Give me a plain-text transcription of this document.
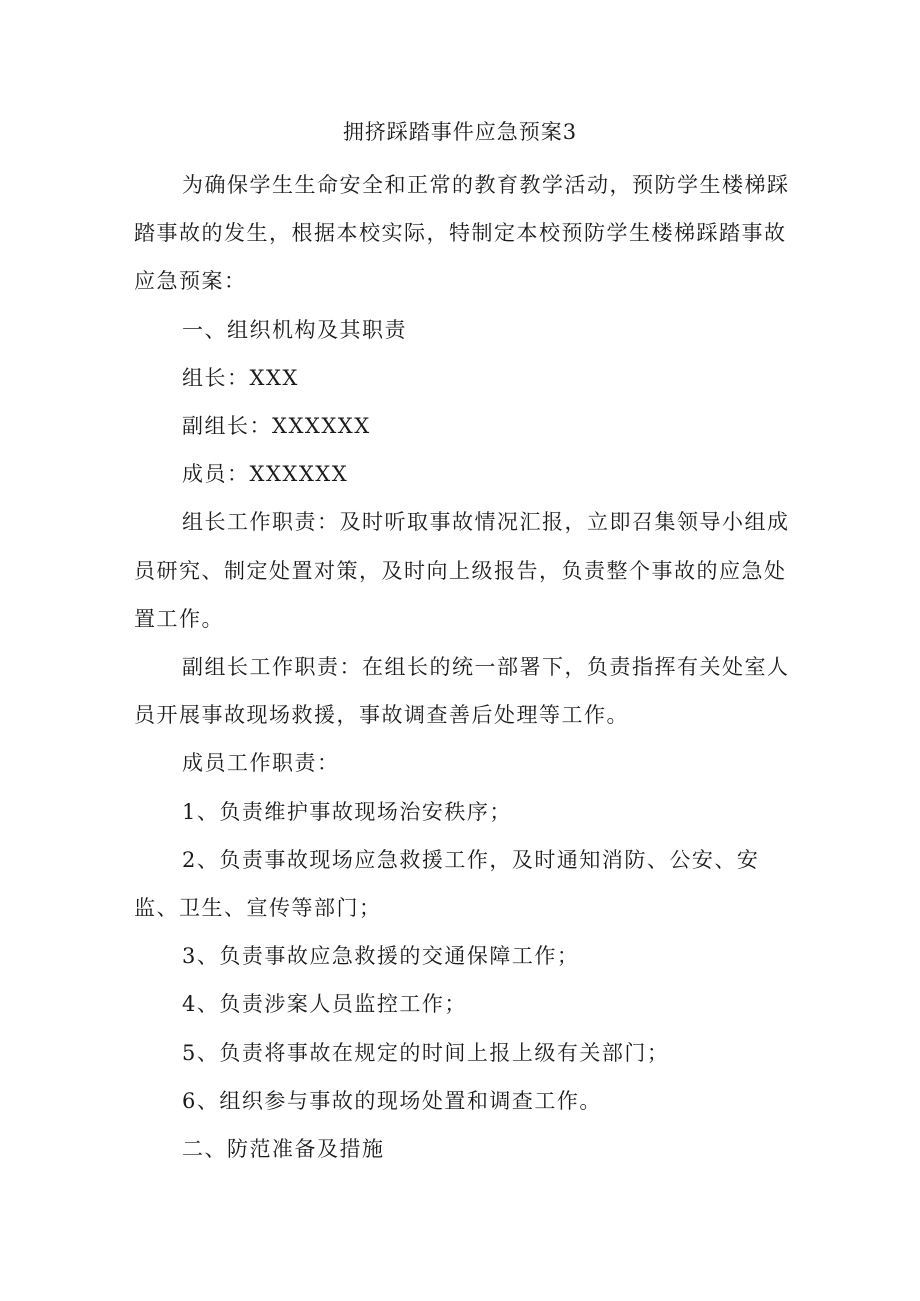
拥挤踩踏事件应急预案3

为确保学生生命安全和正常的教育教学活动，预防学生楼梯踩踏事故的发生，根据本校实际，特制定本校预防学生楼梯踩踏事故应急预案：

一、组织机构及其职责

组长：XXX

副组长：XXXXXX

成员：XXXXXX

组长工作职责：及时听取事故情况汇报，立即召集领导小组成员研究、制定处置对策，及时向上级报告，负责整个事故的应急处置工作。

副组长工作职责：在组长的统一部署下，负责指挥有关处室人员开展事故现场救援，事故调查善后处理等工作。

成员工作职责：

1、负责维护事故现场治安秩序；

2、负责事故现场应急救援工作，及时通知消防、公安、安监、卫生、宣传等部门；

3、负责事故应急救援的交通保障工作；

4、负责涉案人员监控工作；

5、负责将事故在规定的时间上报上级有关部门；

6、组织参与事故的现场处置和调查工作。

二、防范准备及措施
